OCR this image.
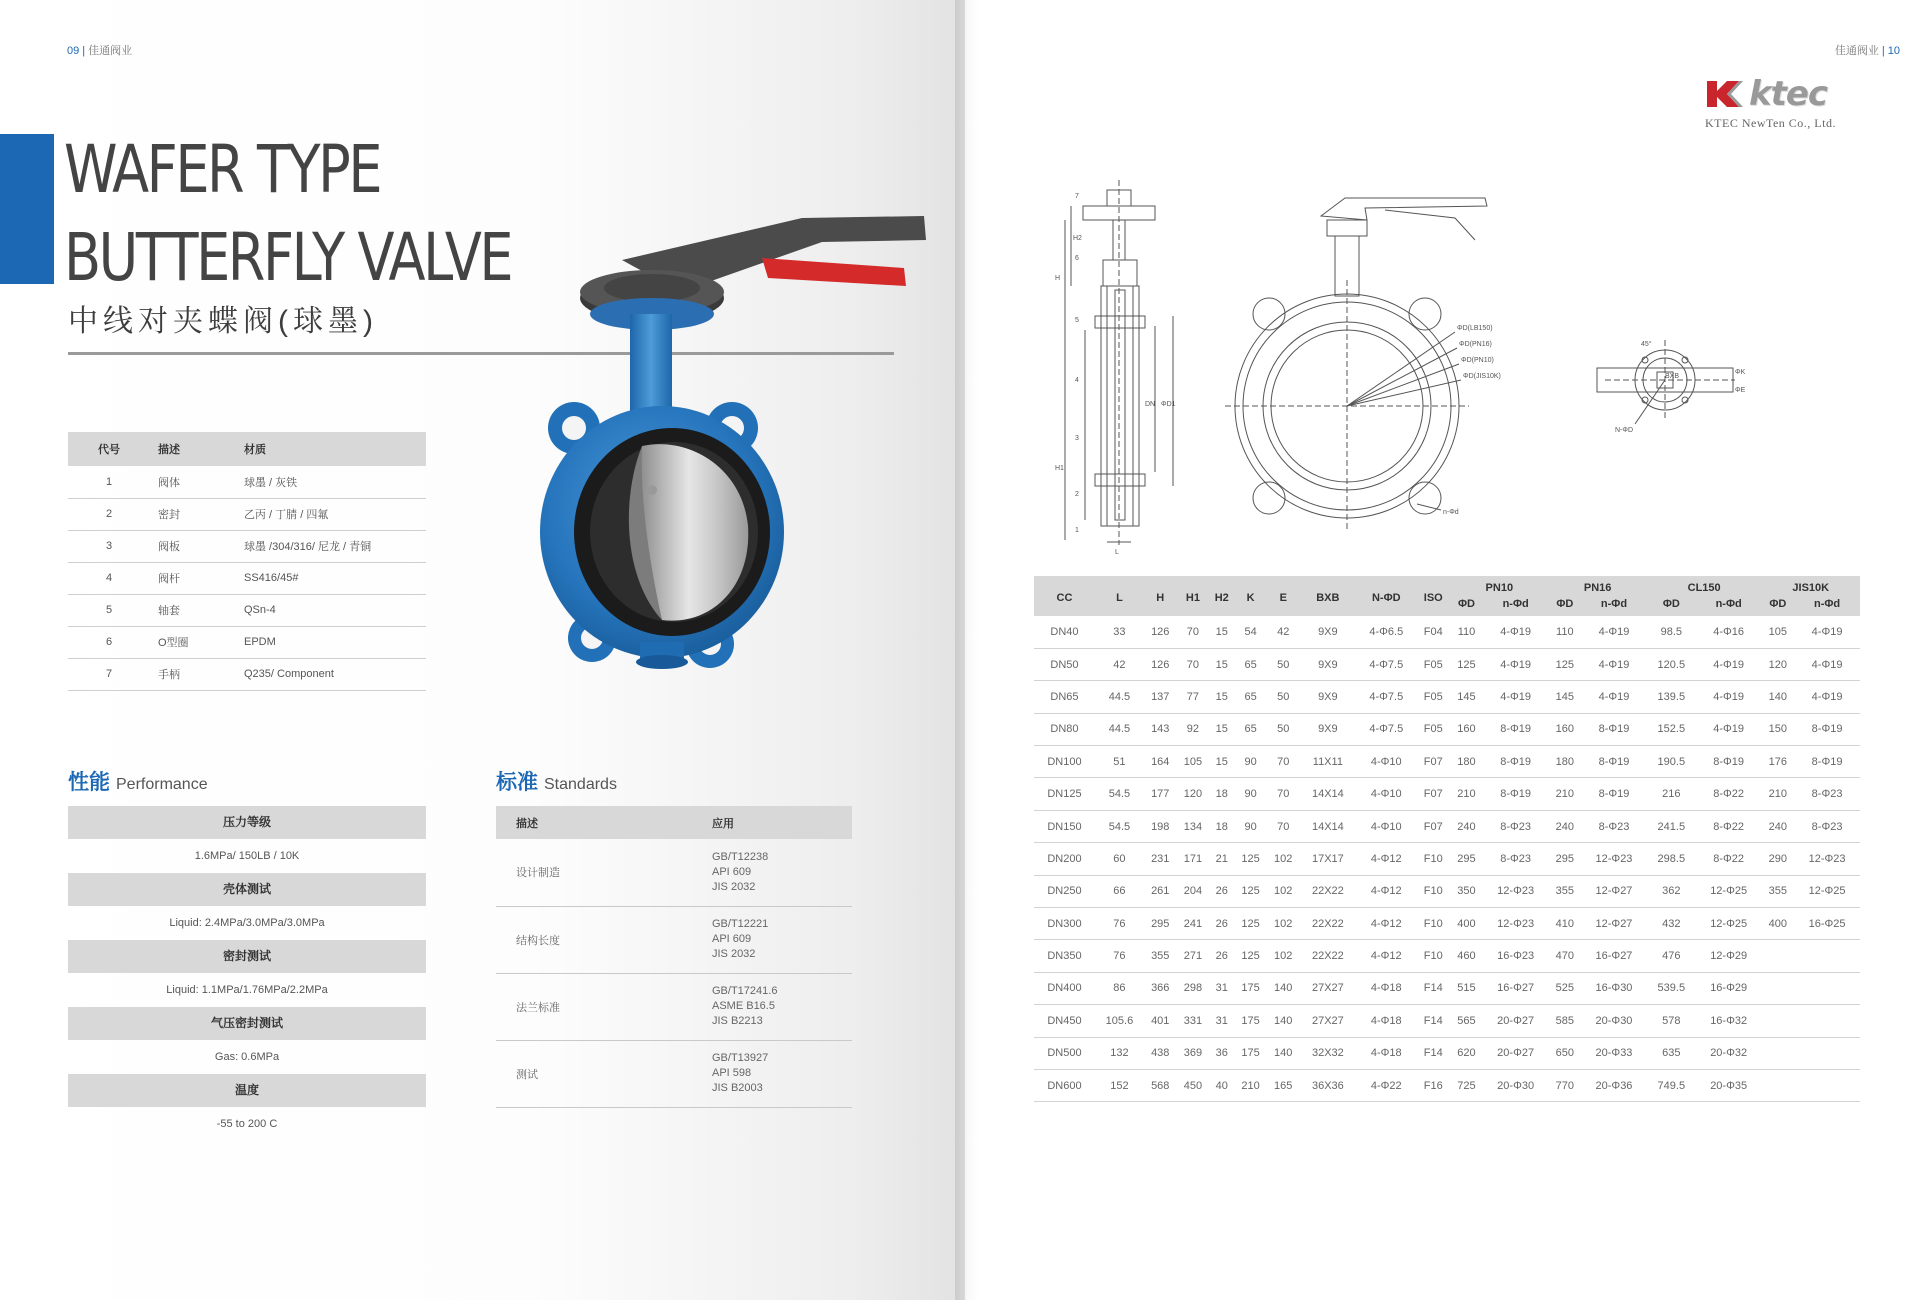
09 | 佳通阀业	佳通阀业 | 10
WAFER TYPE
BUTTERFLY VALVE
中线对夹蝶阀(球墨)
代号	描述	材质
1	阀体	球墨 / 灰铁
2	密封	乙丙 / 丁腈 / 四氟
3	阀板	球墨 /304/316/ 尼龙 / 青铜
4	阀杆	SS416/45#
5	轴套	QSn-4
6	O型圈	EPDM
7	手柄	Q235/ Component
性能 Performance
压力等级
1.6MPa/ 150LB / 10K
壳体测试
Liquid: 2.4MPa/3.0MPa/3.0MPa
密封测试
Liquid: 1.1MPa/1.76MPa/2.2MPa
气压密封测试
Gas: 0.6MPa
温度
-55 to 200 C
标准 Standards
描述	应用
设计制造	GB/T12238
API 609
JIS 2032

结构长度	GB/T12221
API 609
JIS 2032

法兰标准	GB/T17241.6
ASME B16.5
JIS B2213

测试	GB/T13927
API 598
JIS B2003
ktec
KTEC NewTen Co., Ltd.
H
H2
H1
7
6
5
4
3
2
1
L
DN ΦD1
ΦD(LB150)
ΦD(PN16)
ΦD(PN10)
ΦD(JIS10K)
n-Φd
45°
ΦK
ΦE
BXB
N-ΦD
CC	L	H	H1	H2	K	E	BXB	N-ΦD	ISO	PN10		PN16		CL150		JIS10K	
										ΦD	n-Φd	ΦD	n-Φd	ΦD	n-Φd	ΦD	n-Φd
DN40	33	126	70	15	54	42	9X9	4-Φ6.5	F04	110	4-Φ19	110	4-Φ19	98.5	4-Φ16	105	4-Φ19
DN50	42	126	70	15	65	50	9X9	4-Φ7.5	F05	125	4-Φ19	125	4-Φ19	120.5	4-Φ19	120	4-Φ19
DN65	44.5	137	77	15	65	50	9X9	4-Φ7.5	F05	145	4-Φ19	145	4-Φ19	139.5	4-Φ19	140	4-Φ19
DN80	44.5	143	92	15	65	50	9X9	4-Φ7.5	F05	160	8-Φ19	160	8-Φ19	152.5	4-Φ19	150	8-Φ19
DN100	51	164	105	15	90	70	11X11	4-Φ10	F07	180	8-Φ19	180	8-Φ19	190.5	8-Φ19	176	8-Φ19
DN125	54.5	177	120	18	90	70	14X14	4-Φ10	F07	210	8-Φ19	210	8-Φ19	216	8-Φ22	210	8-Φ23
DN150	54.5	198	134	18	90	70	14X14	4-Φ10	F07	240	8-Φ23	240	8-Φ23	241.5	8-Φ22	240	8-Φ23
DN200	60	231	171	21	125	102	17X17	4-Φ12	F10	295	8-Φ23	295	12-Φ23	298.5	8-Φ22	290	12-Φ23
DN250	66	261	204	26	125	102	22X22	4-Φ12	F10	350	12-Φ23	355	12-Φ27	362	12-Φ25	355	12-Φ25
DN300	76	295	241	26	125	102	22X22	4-Φ12	F10	400	12-Φ23	410	12-Φ27	432	12-Φ25	400	16-Φ25
DN350	76	355	271	26	125	102	22X22	4-Φ12	F10	460	16-Φ23	470	16-Φ27	476	12-Φ29		
DN400	86	366	298	31	175	140	27X27	4-Φ18	F14	515	16-Φ27	525	16-Φ30	539.5	16-Φ29		
DN450	105.6	401	331	31	175	140	27X27	4-Φ18	F14	565	20-Φ27	585	20-Φ30	578	16-Φ32		
DN500	132	438	369	36	175	140	32X32	4-Φ18	F14	620	20-Φ27	650	20-Φ33	635	20-Φ32		
DN600	152	568	450	40	210	165	36X36	4-Φ22	F16	725	20-Φ30	770	20-Φ36	749.5	20-Φ35		
